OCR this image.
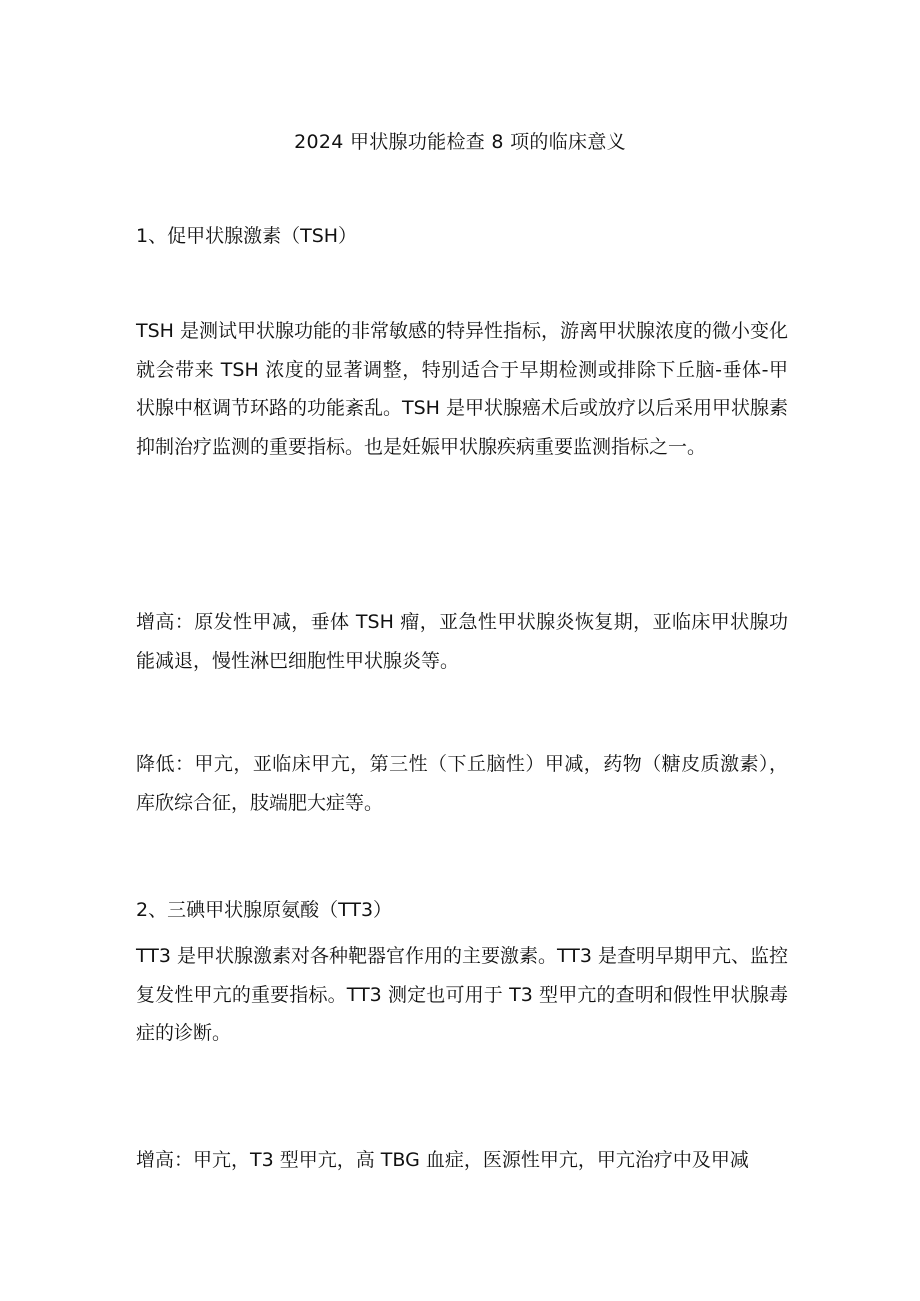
2024 甲状腺功能检查 8 项的临床意义
1、促甲状腺激素（TSH）
TSH 是测试甲状腺功能的非常敏感的特异性指标，游离甲状腺浓度的微小变化就会带来 TSH 浓度的显著调整，特别适合于早期检测或排除下丘脑-垂体-甲状腺中枢调节环路的功能紊乱。TSH 是甲状腺癌术后或放疗以后采用甲状腺素抑制治疗监测的重要指标。也是妊娠甲状腺疾病重要监测指标之一。
增高：原发性甲减，垂体 TSH 瘤，亚急性甲状腺炎恢复期，亚临床甲状腺功能减退，慢性淋巴细胞性甲状腺炎等。
降低：甲亢，亚临床甲亢，第三性（下丘脑性）甲减，药物（糖皮质激素），库欣综合征，肢端肥大症等。
2、三碘甲状腺原氨酸（TT3）
TT3 是甲状腺激素对各种靶器官作用的主要激素。TT3 是查明早期甲亢、监控复发性甲亢的重要指标。TT3 测定也可用于 T3 型甲亢的查明和假性甲状腺毒症的诊断。
增高：甲亢，T3 型甲亢，高 TBG 血症，医源性甲亢，甲亢治疗中及甲减
